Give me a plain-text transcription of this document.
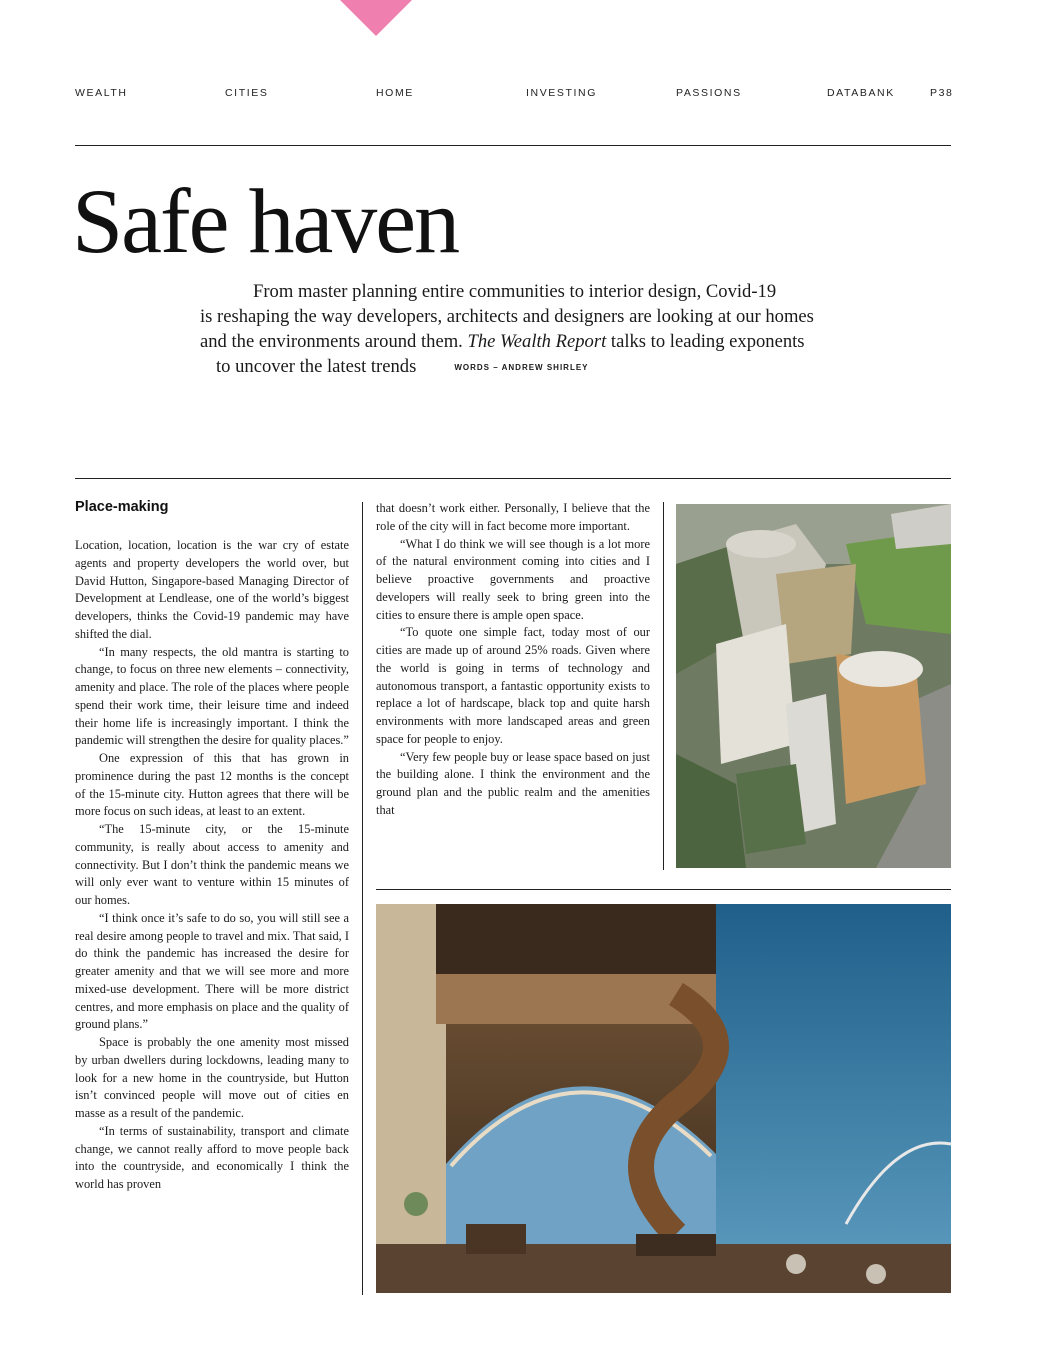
WEALTH	CITIES	HOME	INVESTING	PASSIONS	DATABANK	P38
Safe haven
From master planning entire communities to interior design, Covid-19
is reshaping the way developers, architects and designers are looking at our homes
and the environments around them. The Wealth Report talks to leading exponents
to uncover the latest trends	WORDS – ANDREW SHIRLEY
Place-making

Location, location, location is the war cry of estate agents and property developers the world over, but David Hutton, Singapore-based Managing Director of Development at Lendlease, one of the world’s biggest developers, thinks the Covid-19 pandemic may have shifted the dial.

“In many respects, the old mantra is starting to change, to focus on three new elements – connectivity, amenity and place. The role of the places where people spend their work time, their leisure time and indeed their home life is increasingly important. I think the pandemic will strengthen the desire for quality places.”

One expression of this that has grown in prominence during the past 12 months is the concept of the 15-minute city. Hutton agrees that there will be more focus on such ideas, at least to an extent.

“The 15-minute city, or the 15-minute community, is really about access to amenity and connectivity. But I don’t think the pandemic means we will only ever want to venture within 15 minutes of our homes.

“I think once it’s safe to do so, you will still see a real desire among people to travel and mix. That said, I do think the pandemic has increased the desire for greater amenity and that we will see more and more mixed-use development. There will be more district centres, and more emphasis on place and the quality of ground plans.”

Space is probably the one amenity most missed by urban dwellers during lockdowns, leading many to look for a new home in the countryside, but Hutton isn’t convinced people will move out of cities en masse as a result of the pandemic.

“In terms of sustainability, transport and climate change, we cannot really afford to move people back into the countryside, and economically I think the world has proven

that doesn’t work either. Personally, I believe that the role of the city will in fact become more important.

“What I do think we will see though is a lot more of the natural environment coming into cities and I believe proactive governments and proactive developers will really seek to bring green into the cities to ensure there is ample open space.

“To quote one simple fact, today most of our cities are made up of around 25% roads. Given where the world is going in terms of technology and autonomous transport, a fantastic opportunity exists to replace a lot of hardscape, black top and quite harsh environments with more landscaped areas and green space for people to enjoy.

“Very few people buy or lease space based on just the building alone. I think the environment and the ground plan and the public realm and the amenities that
